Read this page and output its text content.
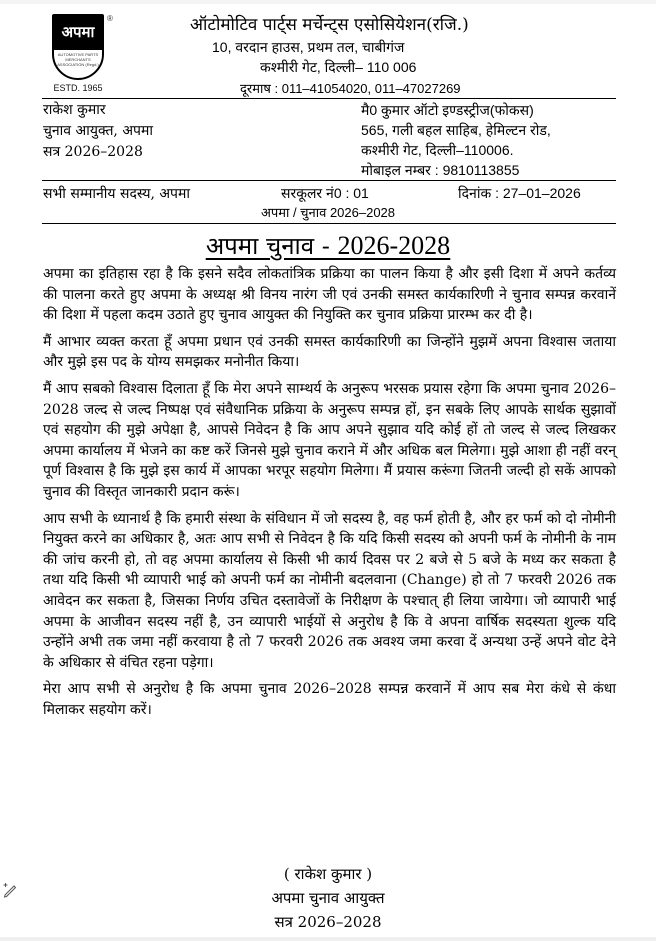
अपमा
AUTOMOTIVE PARTS MERCHANTS ASSOCIATION (Regd.)
®
ESTD. 1965
ऑटोमोटिव पार्ट्स मर्चेन्ट्स एसोसियेशन(रजि.)
10, वरदान हाउस, प्रथम तल, चाबीगंज
कश्मीरी गेट, दिल्ली– 110 006
दूरमाष : 011–41054020, 011–47027269
राकेश कुमार
चुनाव आयुक्त, अपमा
सत्र 2026–2028
मै0 कुमार ऑटो इण्डस्ट्रीज(फोकस)
565, गली बहल साहिब, हेमिल्टन रोड,
कश्मीरी गेट, दिल्ली–110006.
मोबाइल नम्बर : 9810113855
सभी सम्मानीय सदस्य, अपमा	सरकूलर नं0 : 01	दिनांक : 27–01–2026
अपमा / चुनाव 2026–2028
अपमा चुनाव - 2026-2028

अपमा का इतिहास रहा है कि इसने सदैव लोकतांत्रिक प्रक्रिया का पालन किया है और इसी दिशा में अपने कर्तव्य की पालना करते हुए अपमा के अध्यक्ष श्री विनय नारंग जी एवं उनकी समस्त कार्यकारिणी ने चुनाव सम्पन्न करवानें की दिशा में पहला कदम उठाते हुए चुनाव आयुक्त की नियुक्ति कर चुनाव प्रक्रिया प्रारम्भ कर दी है।

मैं आभार व्यक्त करता हूँ अपमा प्रधान एवं उनकी समस्त कार्यकारिणी का जिन्होंने मुझमें अपना विश्वास जताया और मुझे इस पद के योग्य समझकर मनोनीत किया।

मैं आप सबको विश्वास दिलाता हूँ कि मेरा अपने साम्थर्य के अनुरूप भरसक प्रयास रहेगा कि अपमा चुनाव 2026–2028 जल्द से जल्द निष्पक्ष एवं संवैधानिक प्रक्रिया के अनुरूप सम्पन्न हों, इन सबके लिए आपके सार्थक सुझावों एवं सहयोग की मुझे अपेक्षा है, आपसे निवेदन है कि आप अपने सुझाव यदि कोई हों तो जल्द से जल्द लिखकर अपमा कार्यालय में भेजने का कष्ट करें जिनसे मुझे चुनाव कराने में और अधिक बल मिलेगा। मुझे आशा ही नहीं वरन् पूर्ण विश्वास है कि मुझे इस कार्य में आपका भरपूर सहयोग मिलेगा। मैं प्रयास करूंगा जितनी जल्दी हो सकें आपको चुनाव की विस्तृत जानकारी प्रदान करूं।

आप सभी के ध्यानार्थ है कि हमारी संस्था के संविधान में जो सदस्य है, वह फर्म होती है, और हर फर्म को दो नोमीनी नियुक्त करने का अधिकार है, अतः आप सभी से निवेदन है कि यदि किसी सदस्य को अपनी फर्म के नोमीनी के नाम की जांच करनी हो, तो वह अपमा कार्यालय से किसी भी कार्य दिवस पर 2 बजे से 5 बजे के मध्य कर सकता है तथा यदि किसी भी व्यापारी भाई को अपनी फर्म का नोमीनी बदलवाना (Change) हो तो 7 फरवरी 2026 तक आवेदन कर सकता है, जिसका निर्णय उचित दस्तावेजों के निरीक्षण के पश्चात् ही लिया जायेगा। जो व्यापारी भाई अपमा के आजीवन सदस्य नहीं है, उन व्यापारी भाईयों से अनुरोध है कि वे अपना वार्षिक सदस्यता शुल्क यदि उन्होंने अभी तक जमा नहीं करवाया है तो 7 फरवरी 2026 तक अवश्य जमा करवा दें अन्यथा उन्हें अपने वोट देने के अधिकार से वंचित रहना पड़ेगा।

मेरा आप सभी से अनुरोध है कि अपमा चुनाव 2026–2028 सम्पन्न करवानें में आप सब मेरा कंधे से कंधा मिलाकर सहयोग करें।

( राकेश कुमार )
अपमा चुनाव आयुक्त
सत्र 2026–2028
